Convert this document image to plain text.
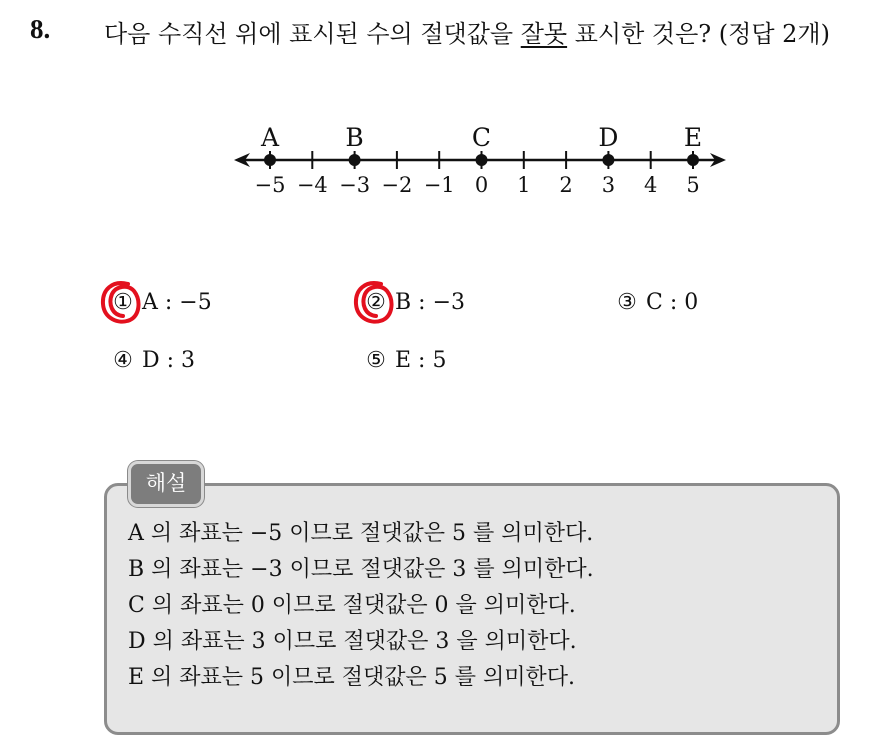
8. 다음 수직선 위에 표시된 수의 절댓값을 잘못 표시한 것은? (정답 2개)
−5 −4 −3 −2 −1 0 1 2 3 4 5
A	B	C	D	E
① A : −5	② B : −3	③ C : 0
④ D : 3	⑤ E : 5
해설
A 의 좌표는 −5 이므로 절댓값은 5 를 의미한다.
B 의 좌표는 −3 이므로 절댓값은 3 를 의미한다.
C 의 좌표는 0 이므로 절댓값은 0 을 의미한다.
D 의 좌표는 3 이므로 절댓값은 3 을 의미한다.
E 의 좌표는 5 이므로 절댓값은 5 를 의미한다.
